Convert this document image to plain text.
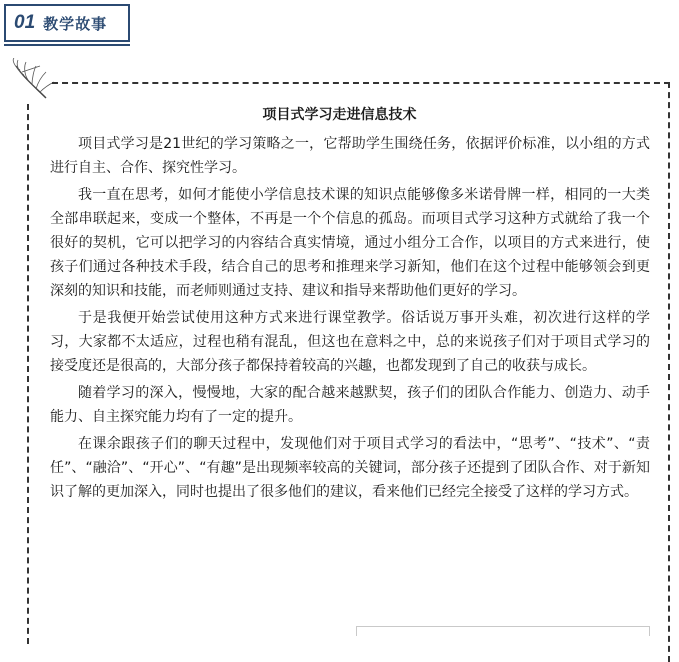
01 教学故事
项目式学习走进信息技术

项目式学习是21世纪的学习策略之一，它帮助学生围绕任务，依据评价标准，以小组的方式进行自主、合作、探究性学习。

我一直在思考，如何才能使小学信息技术课的知识点能够像多米诺骨牌一样，相同的一大类全部串联起来，变成一个整体，不再是一个个信息的孤岛。而项目式学习这种方式就给了我一个很好的契机，它可以把学习的内容结合真实情境，通过小组分工合作，以项目的方式来进行，使孩子们通过各种技术手段，结合自己的思考和推理来学习新知，他们在这个过程中能够领会到更深刻的知识和技能，而老师则通过支持、建议和指导来帮助他们更好的学习。

于是我便开始尝试使用这种方式来进行课堂教学。俗话说万事开头难，初次进行这样的学习，大家都不太适应，过程也稍有混乱，但这也在意料之中，总的来说孩子们对于项目式学习的接受度还是很高的，大部分孩子都保持着较高的兴趣，也都发现到了自己的收获与成长。

随着学习的深入，慢慢地，大家的配合越来越默契，孩子们的团队合作能力、创造力、动手能力、自主探究能力均有了一定的提升。

在课余跟孩子们的聊天过程中，发现他们对于项目式学习的看法中，“思考”、“技术”、“责任”、“融洽”、“开心”、“有趣”是出现频率较高的关键词，部分孩子还提到了团队合作、对于新知识了解的更加深入，同时也提出了很多他们的建议，看来他们已经完全接受了这样的学习方式。
